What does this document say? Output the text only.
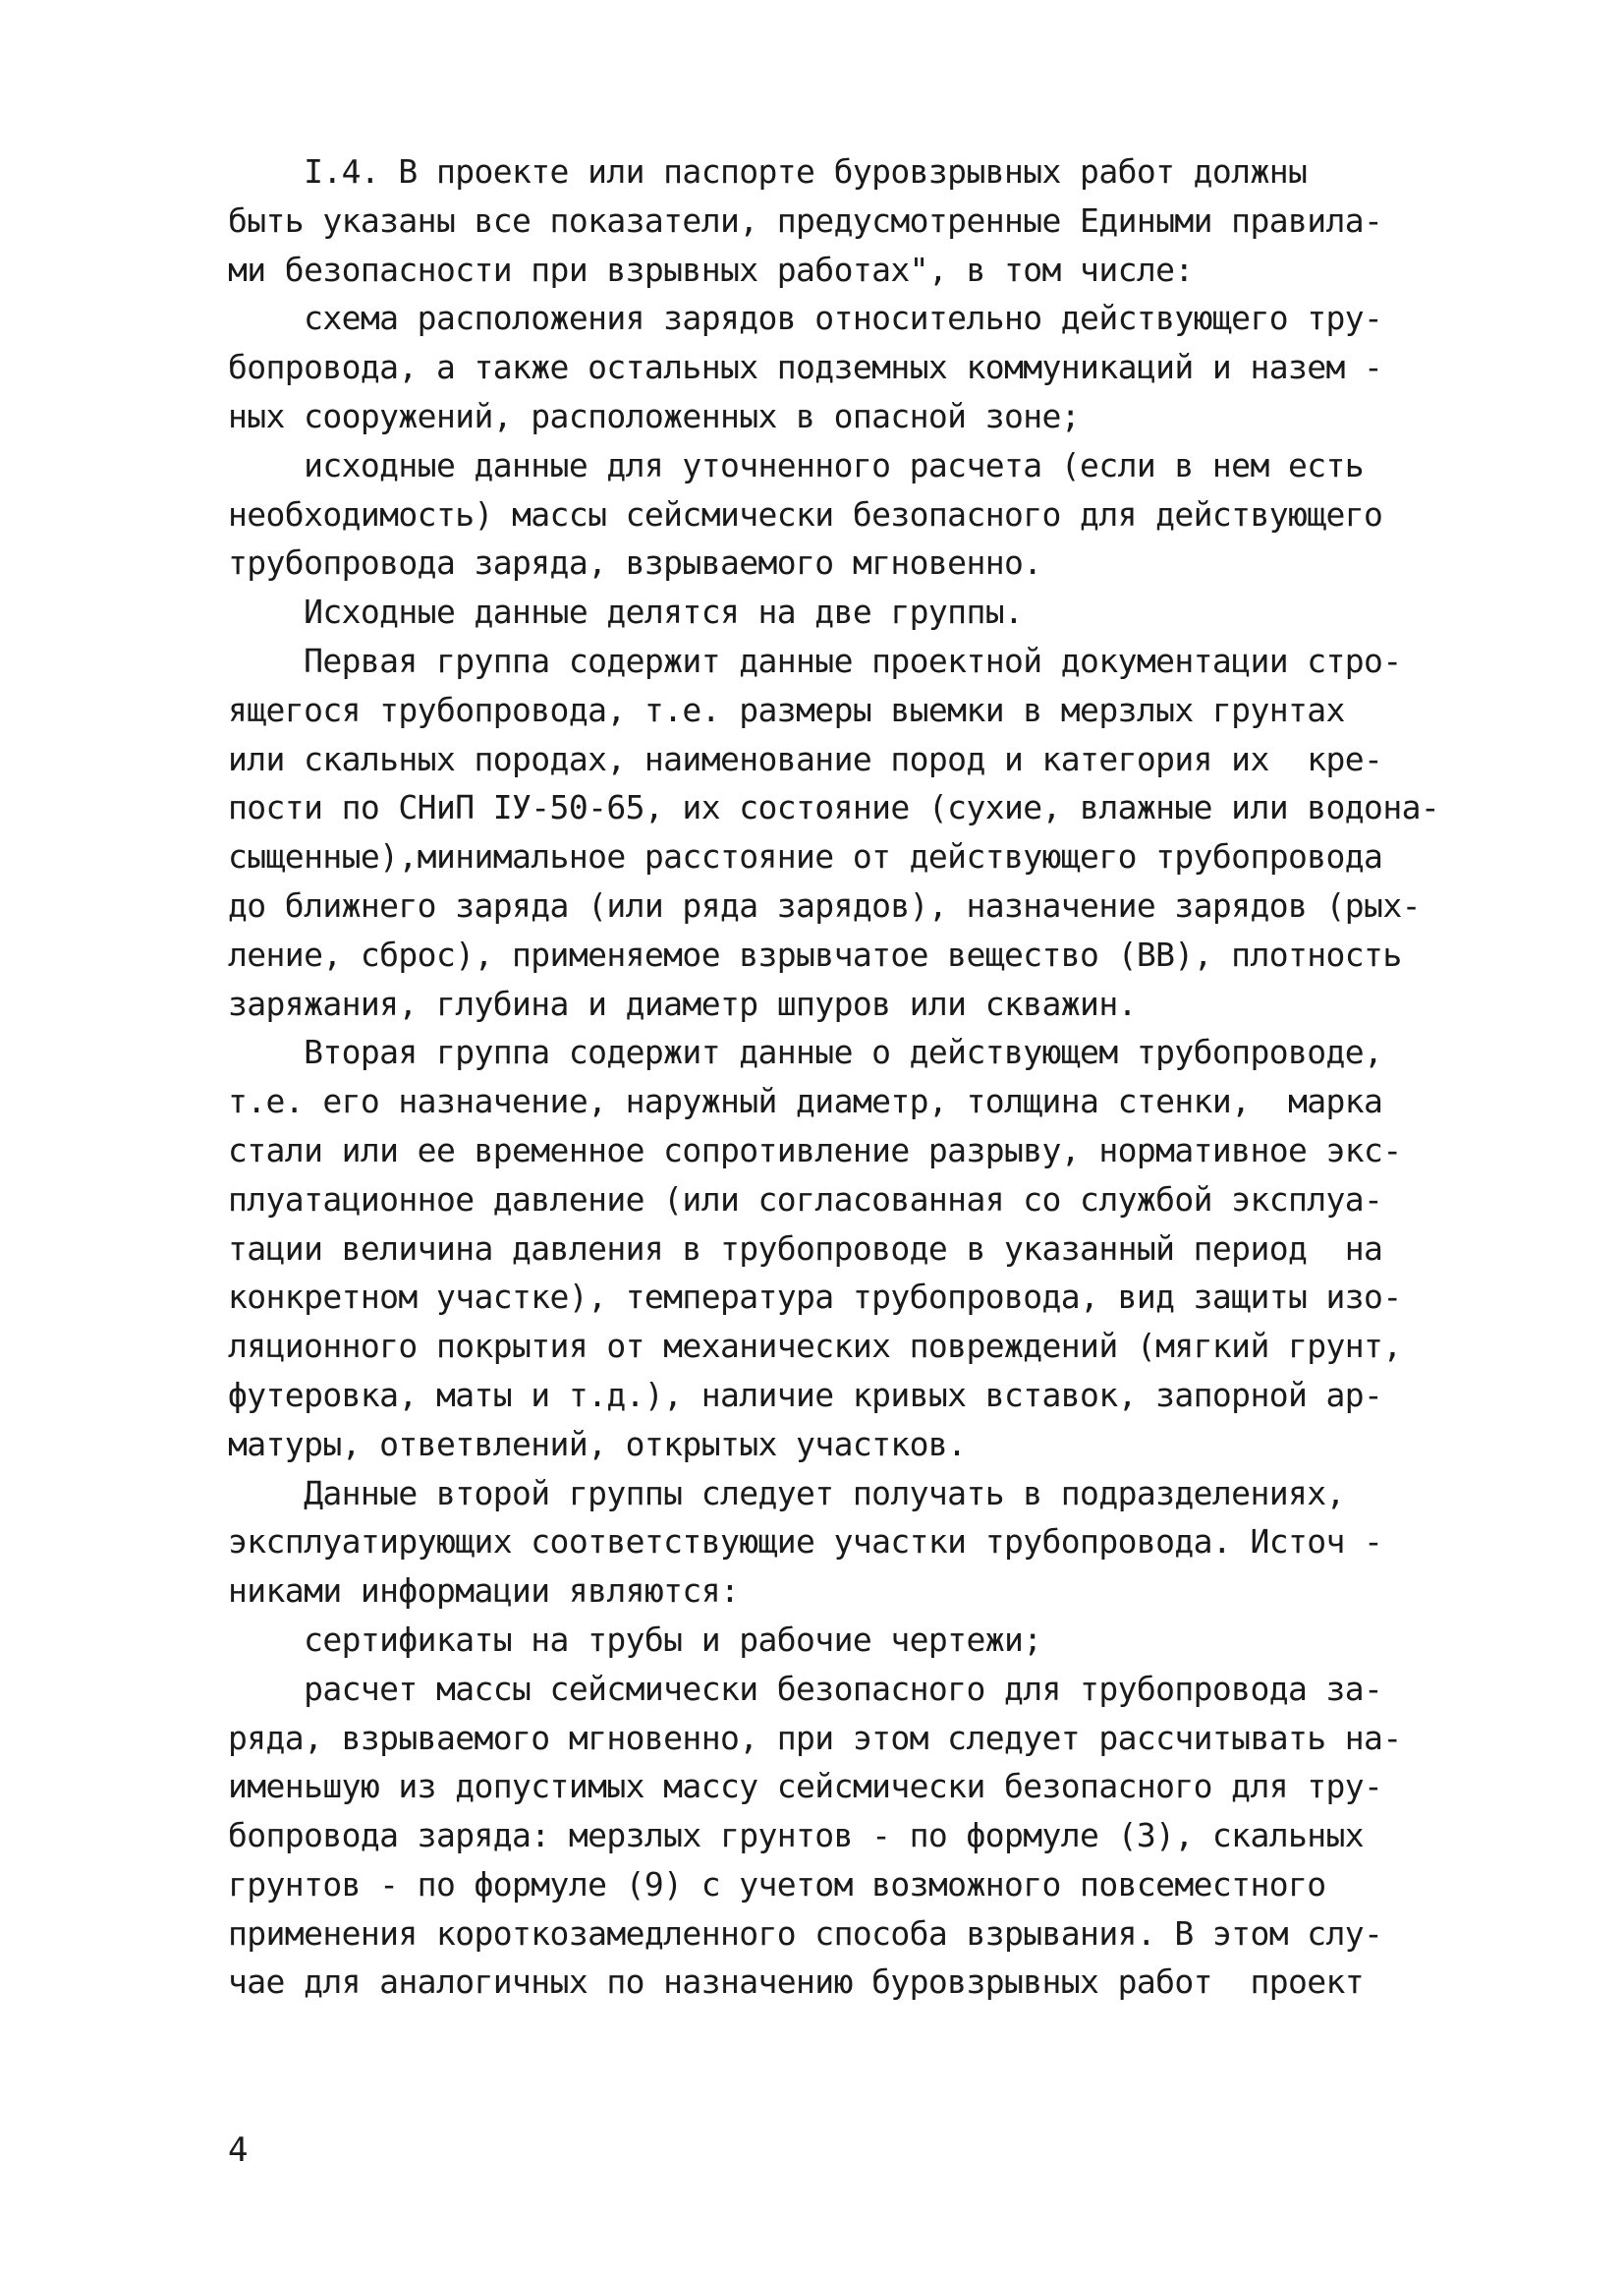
I.4. В проекте или паспорте буровзрывных работ должны
быть указаны все показатели, предусмотренные Едиными правила-
ми безопасности при взрывных работах", в том числе:
схема расположения зарядов относительно действующего тру-
бопровода, а также остальных подземных коммуникаций и назем -
ных сооружений, расположенных в опасной зоне;
исходные данные для уточненного расчета (если в нем есть
необходимость) массы сейсмически безопасного для действующего
трубопровода заряда, взрываемого мгновенно.
Исходные данные делятся на две группы.
Первая группа содержит данные проектной документации стро-
ящегося трубопровода, т.е. размеры выемки в мерзлых грунтах
или скальных породах, наименование пород и категория их  кре-
пости по СНиП IУ-50-65, их состояние (сухие, влажные или водона-
сыщенные),минимальное расстояние от действующего трубопровода
до ближнего заряда (или ряда зарядов), назначение зарядов (рых-
ление, сброс), применяемое взрывчатое вещество (ВВ), плотность
заряжания, глубина и диаметр шпуров или скважин.
Вторая группа содержит данные о действующем трубопроводе,
т.е. его назначение, наружный диаметр, толщина стенки,  марка
стали или ее временное сопротивление разрыву, нормативное экс-
плуатационное давление (или согласованная со службой эксплуа-
тации величина давления в трубопроводе в указанный период  на
конкретном участке), температура трубопровода, вид защиты изо-
ляционного покрытия от механических повреждений (мягкий грунт,
футеровка, маты и т.д.), наличие кривых вставок, запорной ар-
матуры, ответвлений, открытых участков.
Данные второй группы следует получать в подразделениях,
эксплуатирующих соответствующие участки трубопровода. Источ -
никами информации являются:
сертификаты на трубы и рабочие чертежи;
расчет массы сейсмически безопасного для трубопровода за-
ряда, взрываемого мгновенно, при этом следует рассчитывать на-
именьшую из допустимых массу сейсмически безопасного для тру-
бопровода заряда: мерзлых грунтов - по формуле (3), скальных
грунтов - по формуле (9) с учетом возможного повсеместного
применения короткозамедленного способа взрывания. В этом слу-
чае для аналогичных по назначению буровзрывных работ  проект
4
